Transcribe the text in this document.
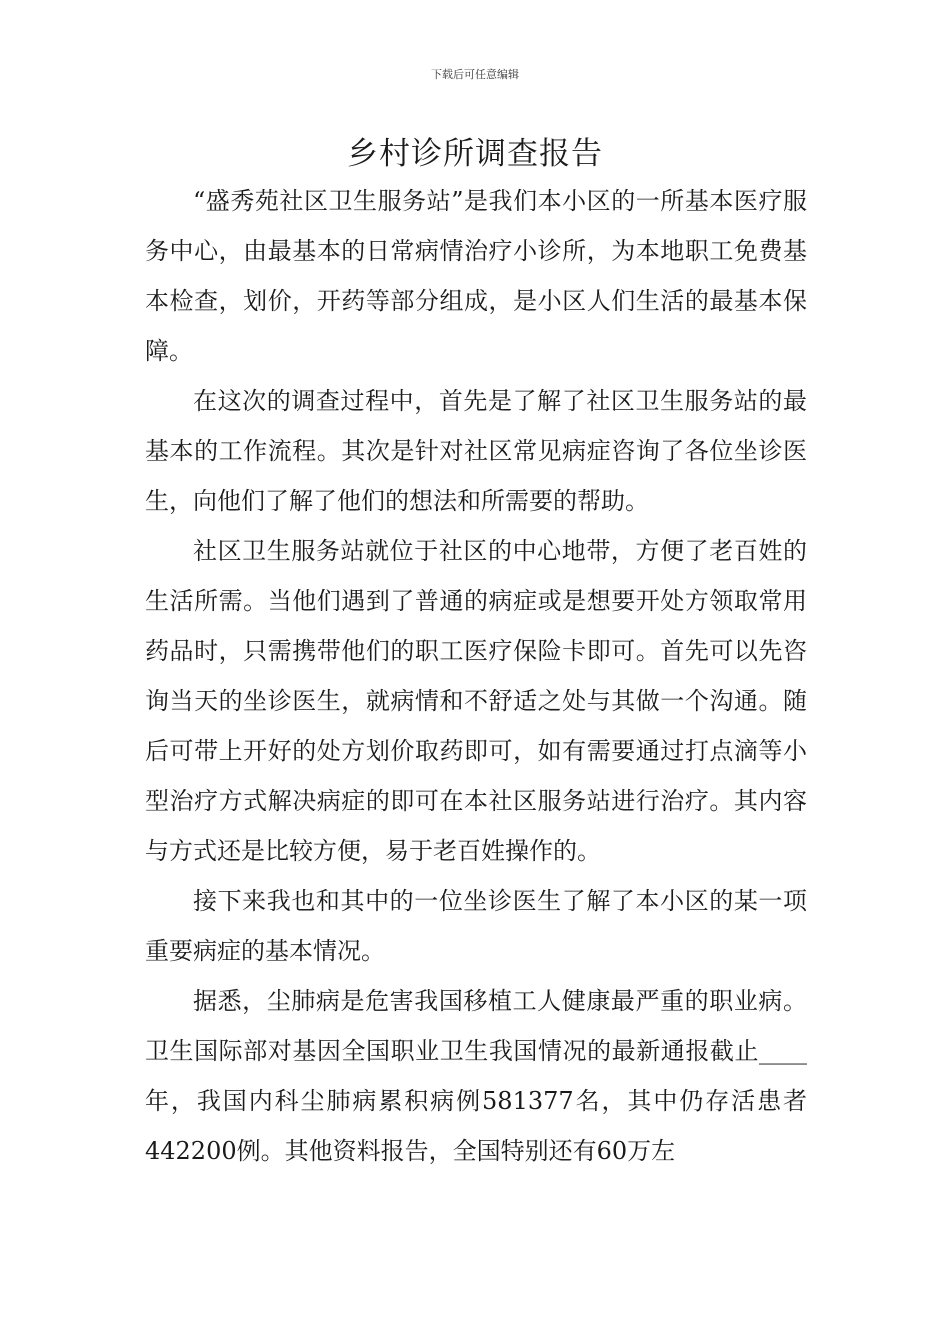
下载后可任意编辑
乡村诊所调查报告

“盛秀苑社区卫生服务站”是我们本小区的一所基本医疗服务中心，由最基本的日常病情治疗小诊所，为本地职工免费基本检查，划价，开药等部分组成，是小区人们生活的最基本保障。

在这次的调查过程中，首先是了解了社区卫生服务站的最基本的工作流程。其次是针对社区常见病症咨询了各位坐诊医生，向他们了解了他们的想法和所需要的帮助。

社区卫生服务站就位于社区的中心地带，方便了老百姓的生活所需。当他们遇到了普通的病症或是想要开处方领取常用药品时，只需携带他们的职工医疗保险卡即可。首先可以先咨询当天的坐诊医生，就病情和不舒适之处与其做一个沟通。随后可带上开好的处方划价取药即可，如有需要通过打点滴等小型治疗方式解决病症的即可在本社区服务站进行治疗。其内容与方式还是比较方便，易于老百姓操作的。

接下来我也和其中的一位坐诊医生了解了本小区的某一项重要病症的基本情况。

据悉，尘肺病是危害我国移植工人健康最严重的职业病。卫生国际部对基因全国职业卫生我国情况的最新通报截止____年，我国内科尘肺病累积病例581377名，其中仍存活患者442200例。其他资料报告，全国特别还有60万左
